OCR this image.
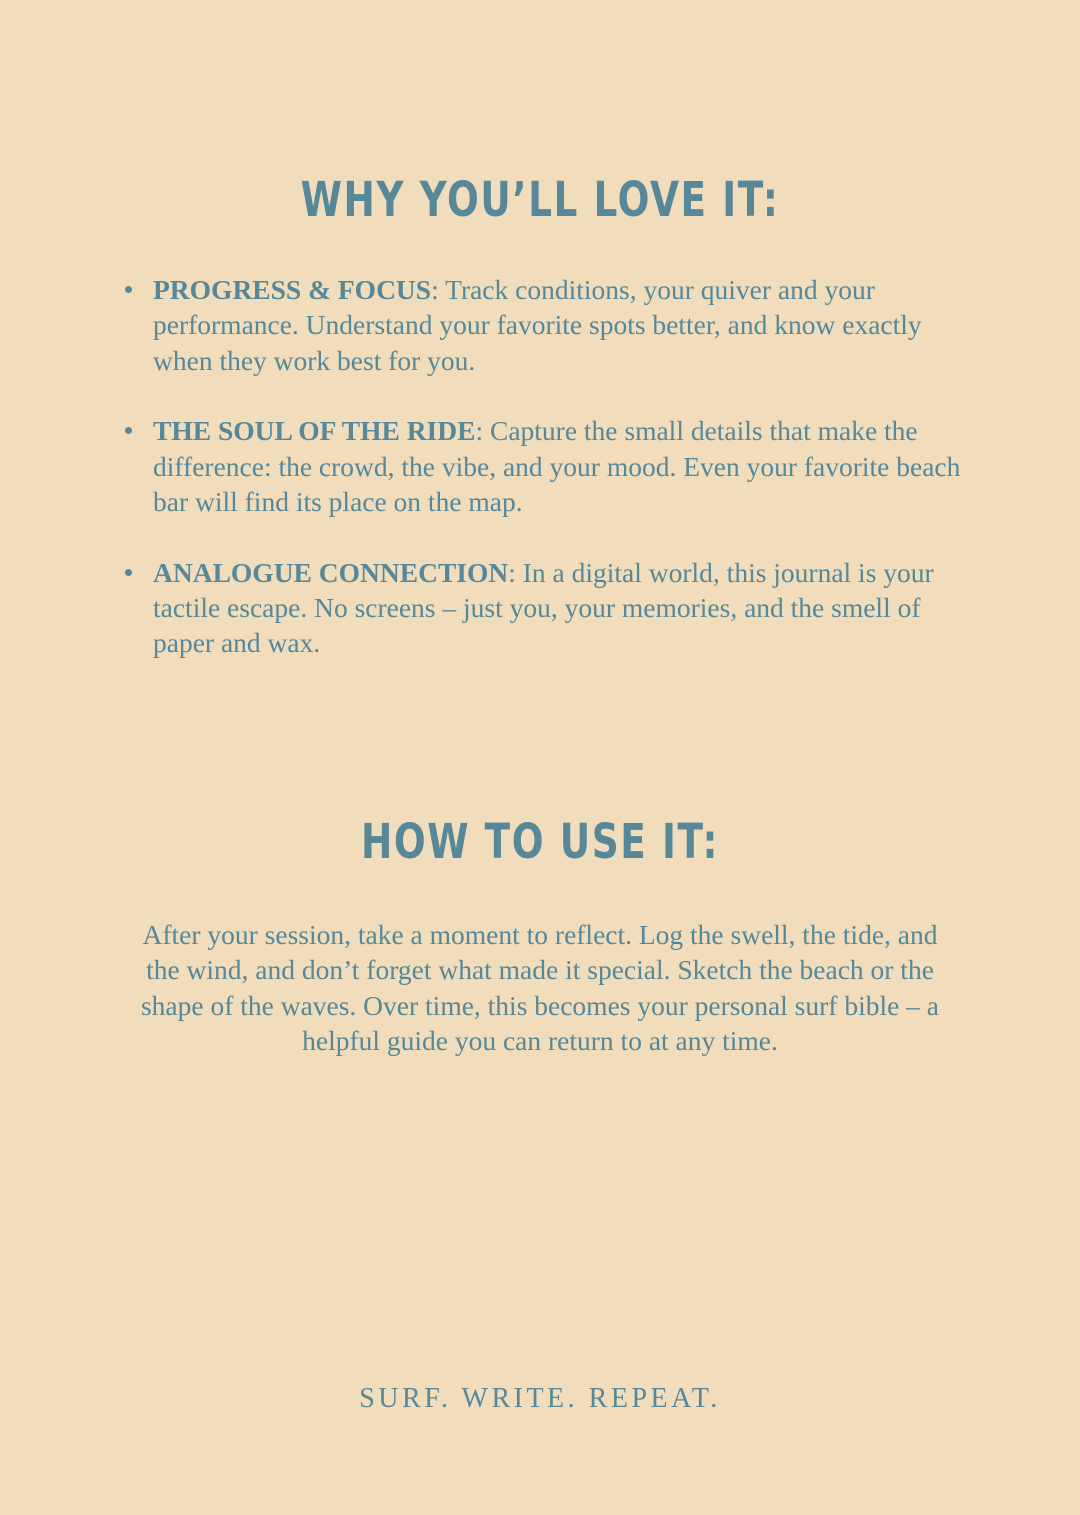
WHY YOU’LL LOVE IT:
PROGRESS & FOCUS: Track conditions, your quiver and your performance. Understand your favorite spots better, and know exactly when they work best for you.
THE SOUL OF THE RIDE: Capture the small details that make the difference: the crowd, the vibe, and your mood. Even your favorite beach bar will find its place on the map.
ANALOGUE CONNECTION: In a digital world, this journal is your tactile escape. No screens – just you, your memories, and the smell of paper and wax.
HOW TO USE IT:

After your session, take a moment to reflect. Log the swell, the tide, and the wind, and don’t forget what made it special. Sketch the beach or the shape of the waves. Over time, this becomes your personal surf bible – a helpful guide you can return to at any time.

SURF. WRITE. REPEAT.
